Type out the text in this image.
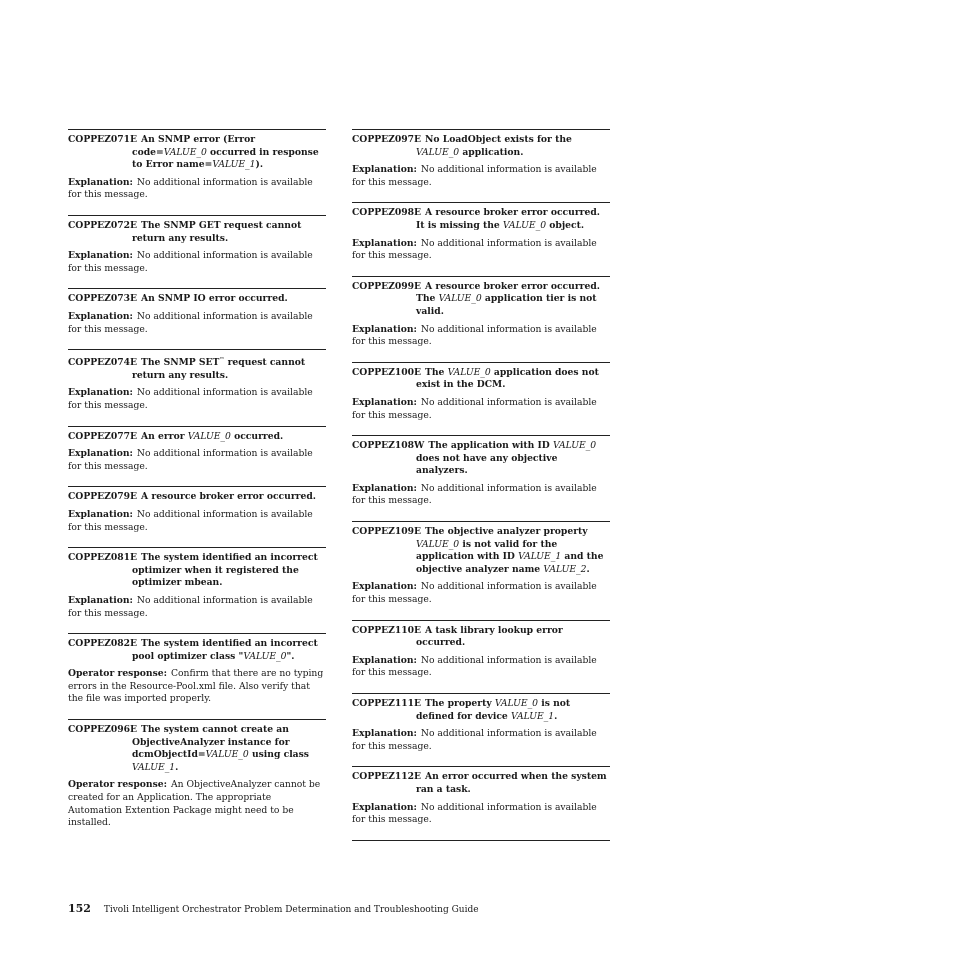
COPPEZ071E An SNMP error (Error code=VALUE_0 occurred in response to Error name=VALUE_1).
Explanation: No additional information is available for this message.
COPPEZ072E The SNMP GET request cannot return any results.
Explanation: No additional information is available for this message.
COPPEZ073E An SNMP IO error occurred.
Explanation: No additional information is available for this message.
COPPEZ074E The SNMP SET™ request cannot return any results.
Explanation: No additional information is available for this message.
COPPEZ077E An error VALUE_0 occurred.
Explanation: No additional information is available for this message.
COPPEZ079E A resource broker error occurred.
Explanation: No additional information is available for this message.
COPPEZ081E The system identified an incorrect optimizer when it registered the optimizer mbean.
Explanation: No additional information is available for this message.
COPPEZ082E The system identified an incorrect pool optimizer class "VALUE_0".
Operator response: Confirm that there are no typing errors in the Resource-Pool.xml file. Also verify that the file was imported properly.
COPPEZ096E The system cannot create an ObjectiveAnalyzer instance for dcmObjectId=VALUE_0 using class VALUE_1.
Operator response: An ObjectiveAnalyzer cannot be created for an Application. The appropriate Automation Extention Package might need to be installed.
COPPEZ097E No LoadObject exists for the VALUE_0 application.
Explanation: No additional information is available for this message.
COPPEZ098E A resource broker error occurred. It is missing the VALUE_0 object.
Explanation: No additional information is available for this message.
COPPEZ099E A resource broker error occurred. The VALUE_0 application tier is not valid.
Explanation: No additional information is available for this message.
COPPEZ100E The VALUE_0 application does not exist in the DCM.
Explanation: No additional information is available for this message.
COPPEZ108W The application with ID VALUE_0 does not have any objective analyzers.
Explanation: No additional information is available for this message.
COPPEZ109E The objective analyzer property VALUE_0 is not valid for the application with ID VALUE_1 and the objective analyzer name VALUE_2.
Explanation: No additional information is available for this message.
COPPEZ110E A task library lookup error occurred.
Explanation: No additional information is available for this message.
COPPEZ111E The property VALUE_0 is not defined for device VALUE_1.
Explanation: No additional information is available for this message.
COPPEZ112E An error occurred when the system ran a task.
Explanation: No additional information is available for this message.
152 Tivoli Intelligent Orchestrator Problem Determination and Troubleshooting Guide
